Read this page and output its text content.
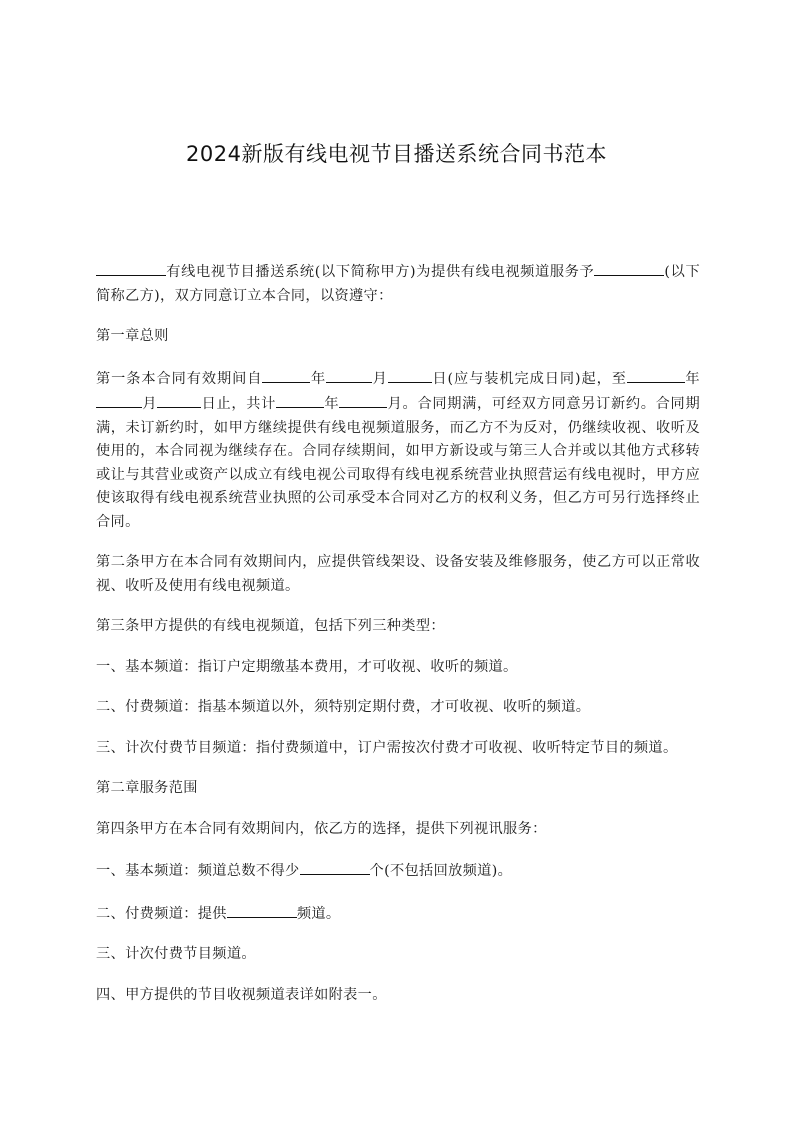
2024新版有线电视节目播送系统合同书范本

有线电视节目播送系统(以下简称甲方)为提供有线电视频道服务予	(以下简称乙方)，双方同意订立本合同，以资遵守：

第一章总则

第一条本合同有效期间自	年	月	日(应与装机完成日同)起，至	年月	日止，共计	年	月。合同期满，可经双方同意另订新约。合同期满，未订新约时，如甲方继续提供有线电视频道服务，而乙方不为反对，仍继续收视、收听及使用的，本合同视为继续存在。合同存续期间，如甲方新设或与第三人合并或以其他方式移转或让与其营业或资产以成立有线电视公司取得有线电视系统营业执照营运有线电视时，甲方应使该取得有线电视系统营业执照的公司承受本合同对乙方的权利义务，但乙方可另行选择终止合同。

第二条甲方在本合同有效期间内，应提供管线架设、设备安装及维修服务，使乙方可以正常收视、收听及使用有线电视频道。

第三条甲方提供的有线电视频道，包括下列三种类型：

一、基本频道：指订户定期缴基本费用，才可收视、收听的频道。

二、付费频道：指基本频道以外，须特别定期付费，才可收视、收听的频道。

三、计次付费节目频道：指付费频道中，订户需按次付费才可收视、收听特定节目的频道。

第二章服务范围

第四条甲方在本合同有效期间内，依乙方的选择，提供下列视讯服务：

一、基本频道：频道总数不得少	个(不包括回放频道)。

二、付费频道：提供	频道。

三、计次付费节目频道。

四、甲方提供的节目收视频道表详如附表一。
